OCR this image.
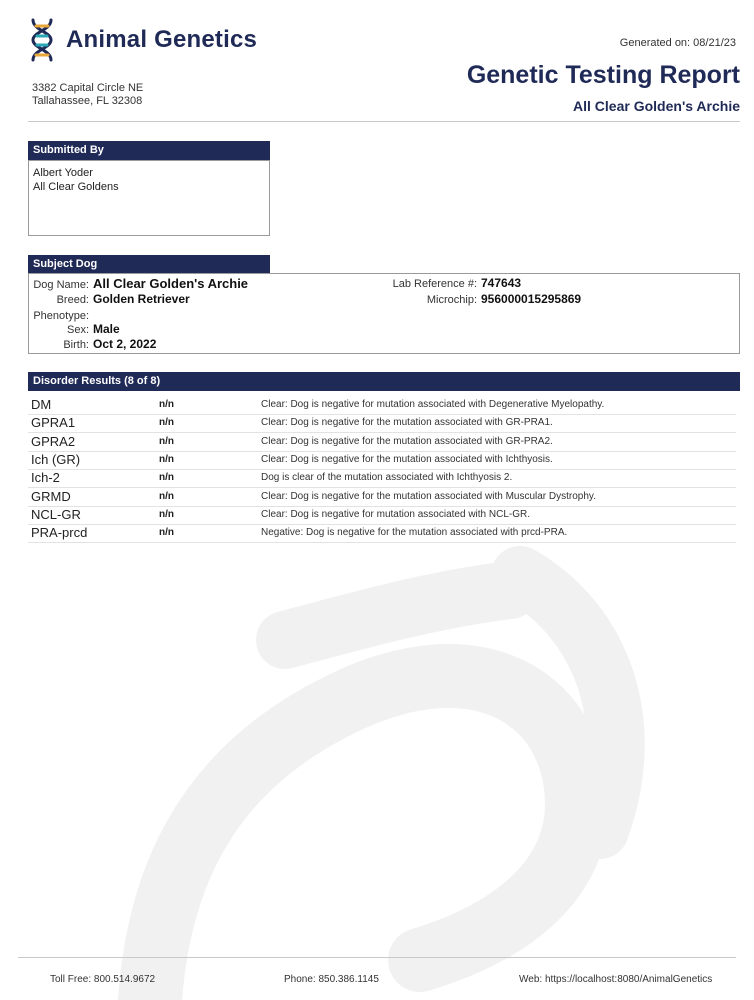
Animal Genetics
3382 Capital Circle NE
Tallahassee, FL 32308
Generated on: 08/21/23
Genetic Testing Report
All Clear Golden's Archie
Submitted By
Albert Yoder
All Clear Goldens
Subject Dog
Dog Name: All Clear Golden's Archie
Breed: Golden Retriever
Phenotype:
Sex: Male
Birth: Oct 2, 2022
Lab Reference #: 747643
Microchip: 956000015295869
Disorder Results (8 of 8)
DM	n/n	Clear: Dog is negative for mutation associated with Degenerative Myelopathy.
GPRA1	n/n	Clear: Dog is negative for the mutation associated with GR-PRA1.
GPRA2	n/n	Clear: Dog is negative for the mutation associated with GR-PRA2.
Ich (GR)	n/n	Clear: Dog is negative for the mutation associated with Ichthyosis.
Ich-2	n/n	Dog is clear of the mutation associated with Ichthyosis 2.
GRMD	n/n	Clear: Dog is negative for the mutation associated with Muscular Dystrophy.
NCL-GR	n/n	Clear: Dog is negative for mutation associated with NCL-GR.
PRA-prcd	n/n	Negative: Dog is negative for the mutation associated with prcd-PRA.
Toll Free: 800.514.9672	Phone: 850.386.1145	Web: https://localhost:8080/AnimalGenetics
